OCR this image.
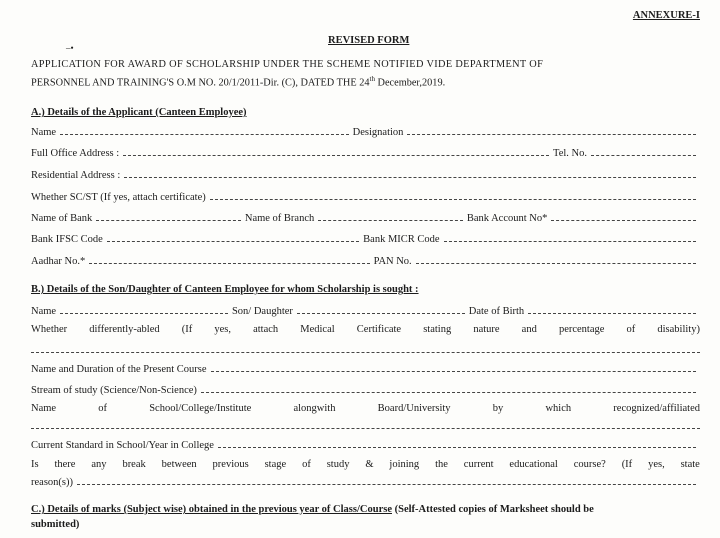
ANNEXURE-I
REVISED FORM
–•
APPLICATION FOR AWARD OF SCHOLARSHIP UNDER THE SCHEME NOTIFIED VIDE DEPARTMENT OF
PERSONNEL AND TRAINING'S O.M NO. 20/1/2011-Dir. (C), DATED THE 24th December,2019.
A.) Details of the Applicant (Canteen Employee)
Name	Designation
Full Office Address :	Tel. No.
Residential Address :
Whether SC/ST (If yes, attach certificate)
Name of Bank	Name of Branch	Bank Account No*
Bank IFSC Code	Bank MICR Code
Aadhar No.*	PAN No.
B.) Details of the Son/Daughter of Canteen Employee for whom Scholarship is sought :
Name	Son/ Daughter	Date of Birth
Whether differently-abled (If yes, attach Medical Certificate stating nature and percentage of disability)
Name and Duration of the Present Course
Stream of study (Science/Non-Science)
Name	of	School/College/Institute	alongwith	Board/University	by	which	recognized/affiliated
Current Standard in School/Year in College
Is there any break between previous stage of study & joining the current educational course? (If yes, state
reason(s))
C.) Details of marks (Subject wise) obtained in the previous year of Class/Course (Self-Attested copies of Marksheet should be
submitted)
